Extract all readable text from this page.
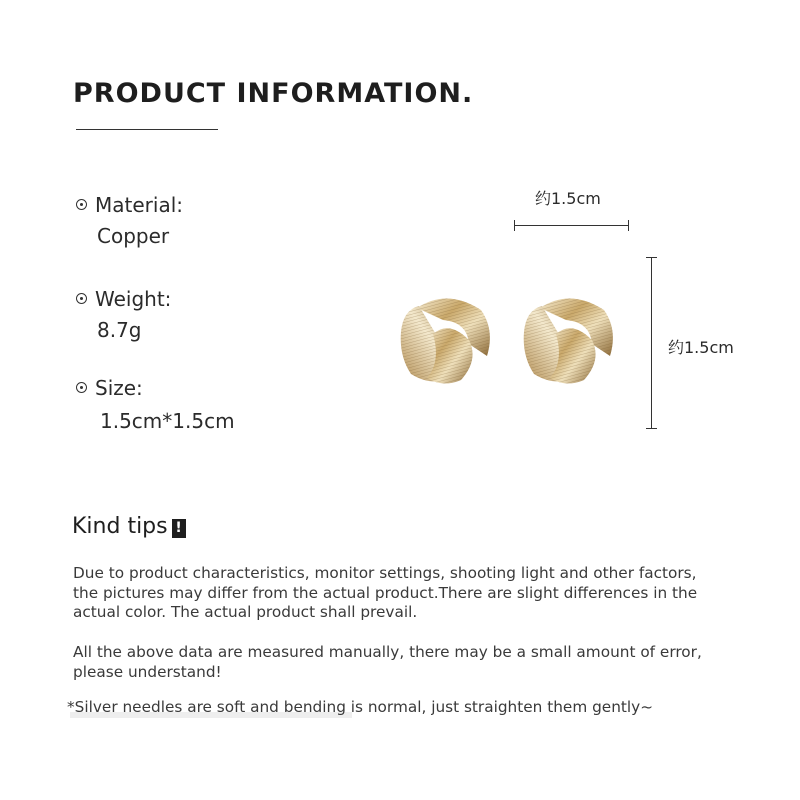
PRODUCT INFORMATION.
Material:
Copper
Weight:
8.7g
Size:
1.5cm*1.5cm
约1.5cm
约1.5cm
Kind tips !

Due to product characteristics, monitor settings, shooting light and other factors, the pictures may differ from the actual product.There are slight differences in the actual color. The actual product shall prevail.

All the above data are measured manually, there may be a small amount of error, please understand!

*Silver needles are soft and bending is normal, just straighten them gently~
